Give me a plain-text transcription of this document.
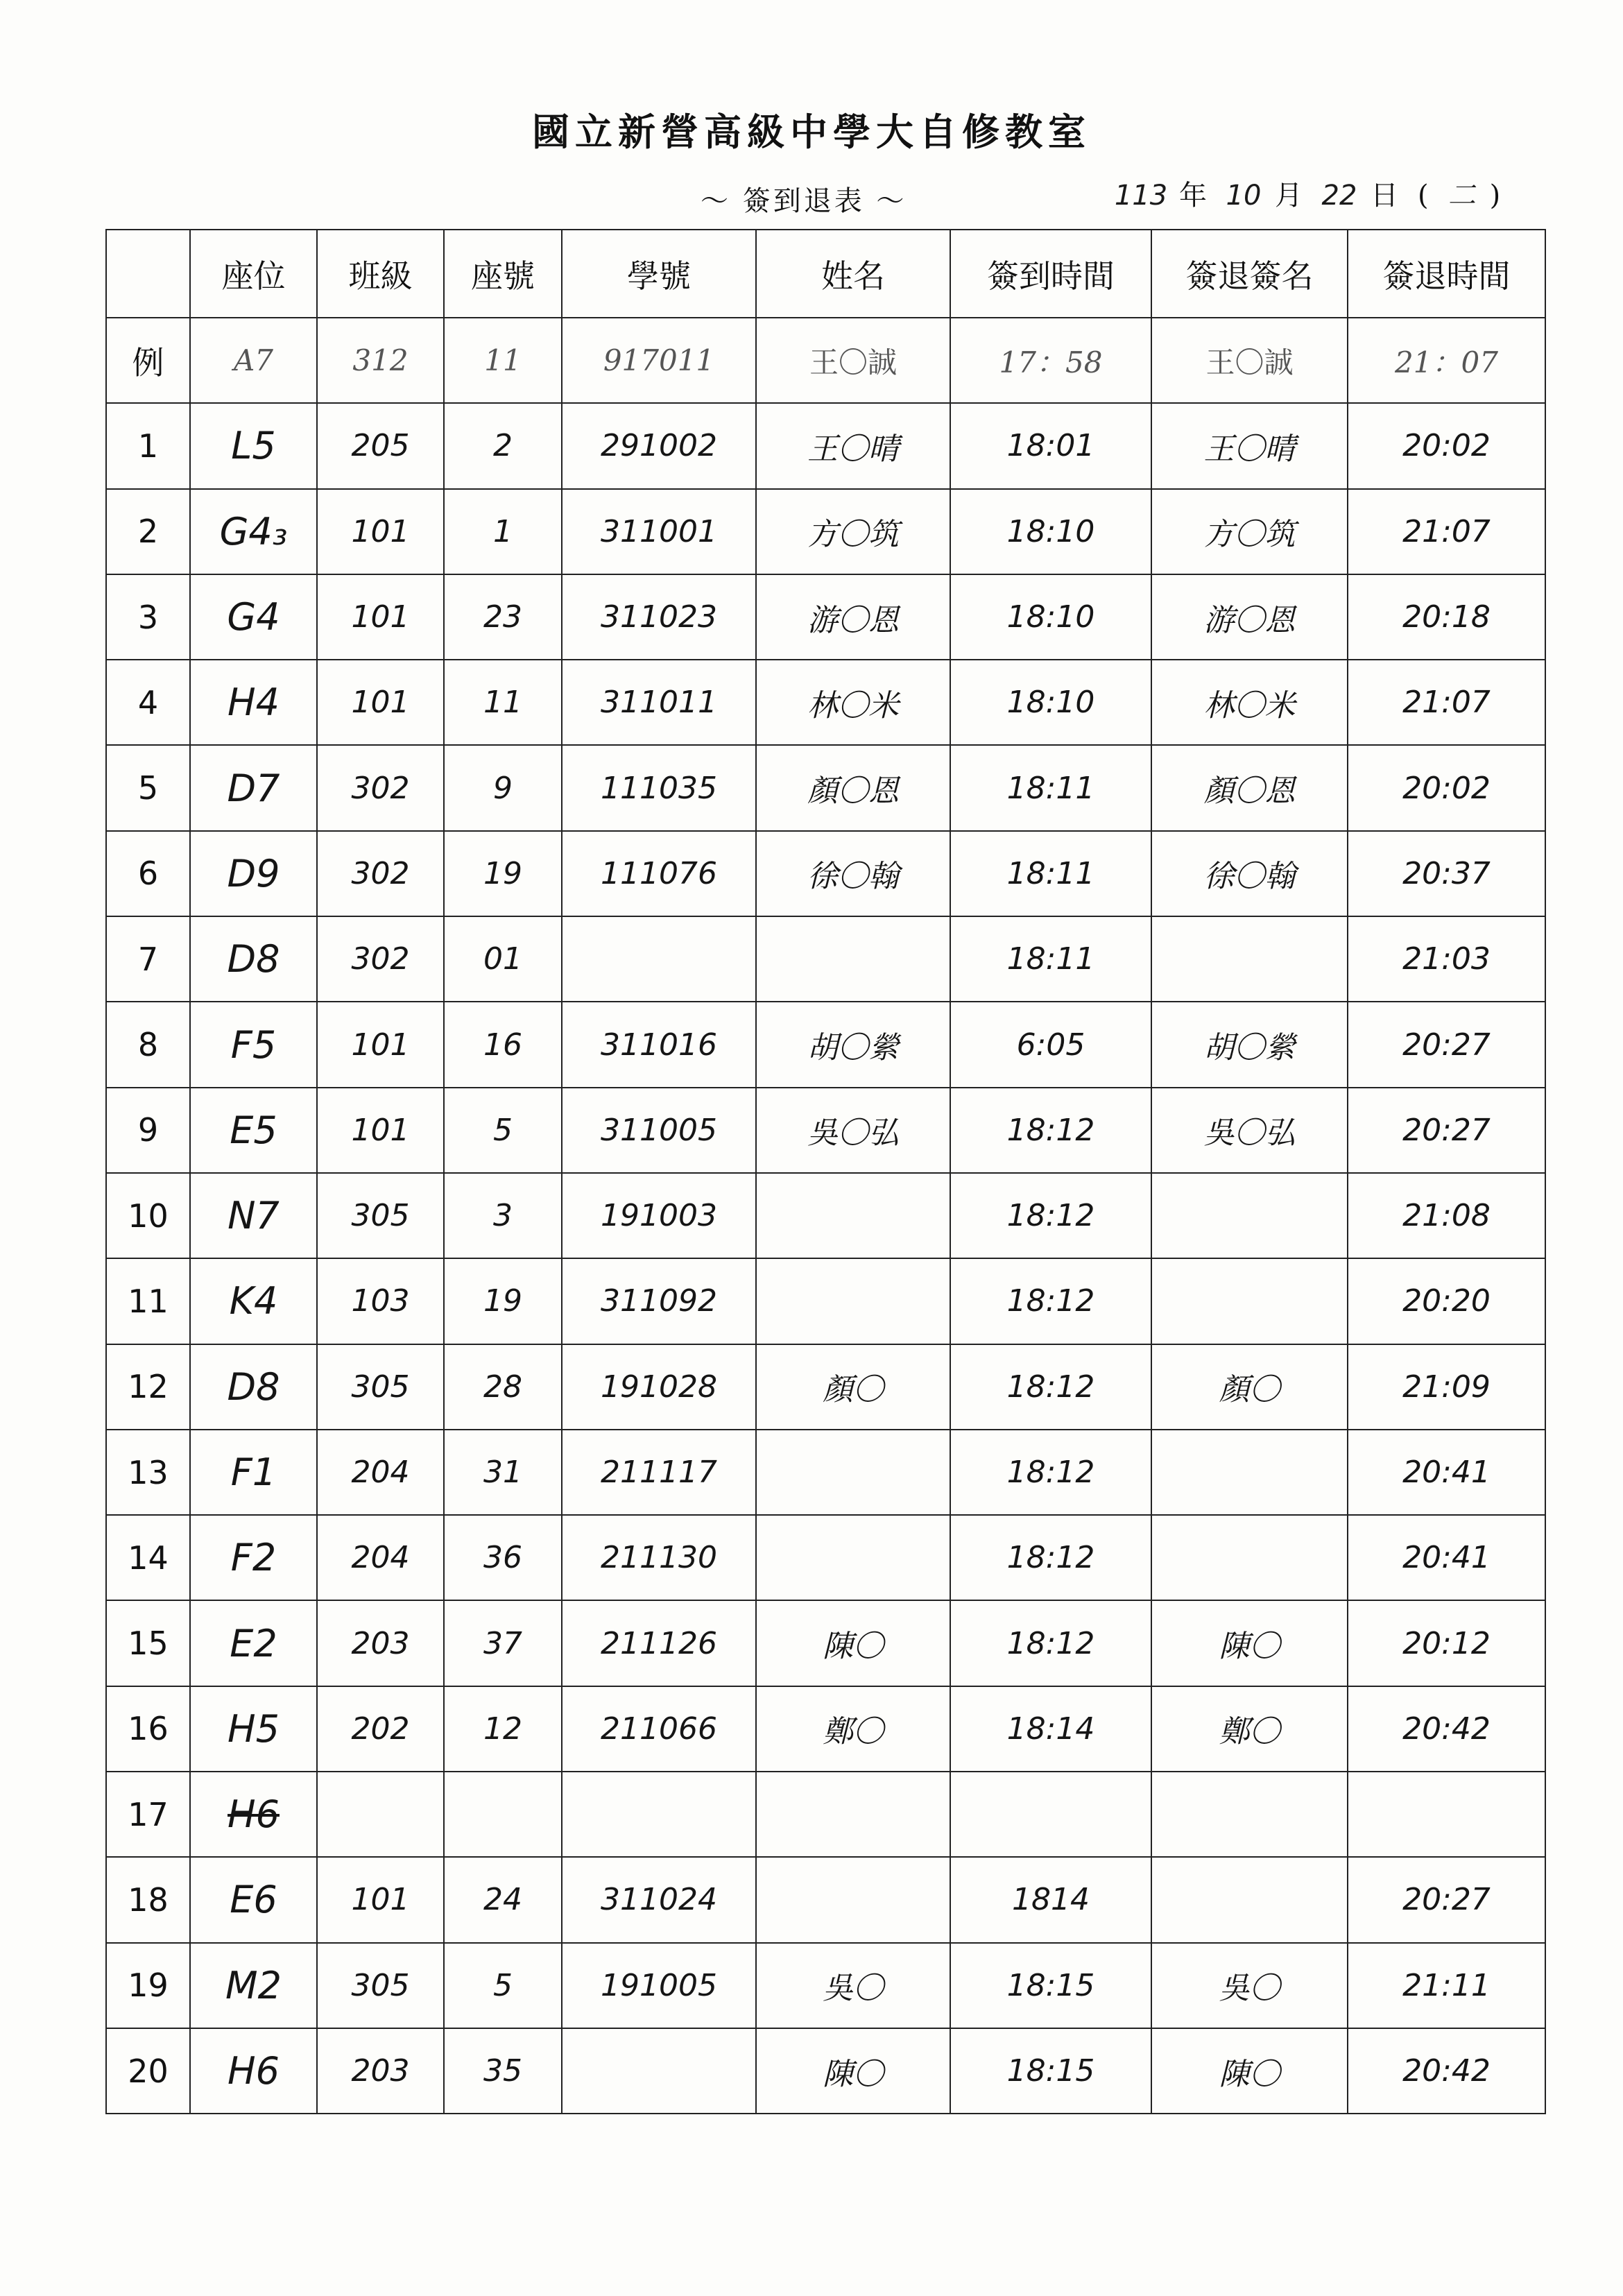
國立新營高級中學大自修教室
～ 簽到退表 ～	113 年 10 月 22 日 ( 二 )
	座位	班級	座號	學號	姓名	簽到時間	簽退簽名	簽退時間
例	A7	312	11	917011	王〇誠	17：58	王〇誠	21：07
1	L5	205	2	291002	王〇晴	18:01	王〇晴	20:02
2	G4₃	101	1	311001	方〇筑	18:10	方〇筑	21:07
3	G4	101	23	311023	游〇恩	18:10	游〇恩	20:18
4	H4	101	11	311011	林〇米	18:10	林〇米	21:07
5	D7	302	9	111035	顏〇恩	18:11	顏〇恩	20:02
6	D9	302	19	111076	徐〇翰	18:11	徐〇翰	20:37
7	D8	302	01			18:11		21:03
8	F5	101	16	311016	胡〇縈	6:05	胡〇縈	20:27
9	E5	101	5	311005	吳〇弘	18:12	吳〇弘	20:27
10	N7	305	3	191003		18:12		21:08
11	K4	103	19	311092		18:12		20:20
12	D8	305	28	191028	顏〇	18:12	顏〇	21:09
13	F1	204	31	211117		18:12		20:41
14	F2	204	36	211130		18:12		20:41
15	E2	203	37	211126	陳〇	18:12	陳〇	20:12
16	H5	202	12	211066	鄭〇	18:14	鄭〇	20:42
17	H6							
18	E6	101	24	311024		1814		20:27
19	M2	305	5	191005	吳〇	18:15	吳〇	21:11
20	H6	203	35		陳〇	18:15	陳〇	20:42
